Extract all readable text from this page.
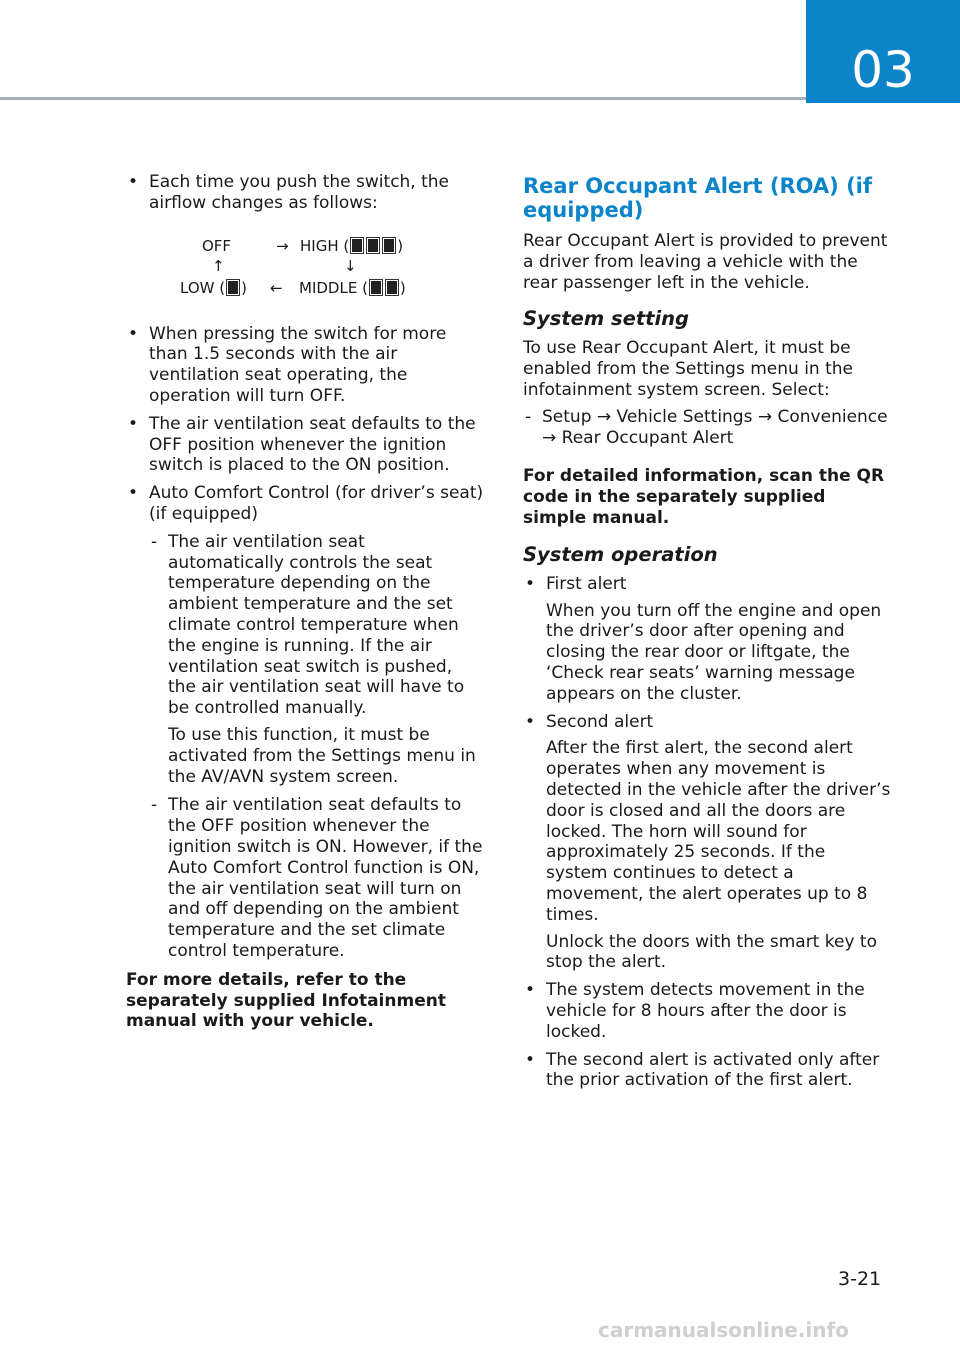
03
• Each time you push the switch, the airflow changes as follows:
OFF	→ HIGH (	)
↑	↓
LOW ( ) ← MIDDLE ( )
• When pressing the switch for more than 1.5 seconds with the air ventilation seat operating, the operation will turn OFF.
• The air ventilation seat defaults to the OFF position whenever the ignition switch is placed to the ON position.
• Auto Comfort Control (for driver’s seat) (if equipped)
- The air ventilation seat automatically controls the seat temperature depending on the ambient temperature and the set climate control temperature when the engine is running. If the air ventilation seat switch is pushed, the air ventilation seat will have to be controlled manually.
To use this function, it must be activated from the Settings menu in the AV/AVN system screen.
- The air ventilation seat defaults to the OFF position whenever the ignition switch is ON. However, if the Auto Comfort Control function is ON, the air ventilation seat will turn on and off depending on the ambient temperature and the set climate control temperature.

For more details, refer to the separately supplied Infotainment manual with your vehicle.

Rear Occupant Alert (ROA) (if equipped)

Rear Occupant Alert is provided to prevent a driver from leaving a vehicle with the rear passenger left in the vehicle.

System setting

To use Rear Occupant Alert, it must be enabled from the Settings menu in the infotainment system screen. Select:

- Setup → Vehicle Settings → Convenience → Rear Occupant Alert

For detailed information, scan the QR code in the separately supplied simple manual.

System operation
• First alert
When you turn off the engine and open the driver’s door after opening and closing the rear door or liftgate, the ‘Check rear seats’ warning message appears on the cluster.
• Second alert
After the first alert, the second alert operates when any movement is detected in the vehicle after the driver’s door is closed and all the doors are locked. The horn will sound for approximately 25 seconds. If the system continues to detect a movement, the alert operates up to 8 times.
Unlock the doors with the smart key to stop the alert.
• The system detects movement in the vehicle for 8 hours after the door is locked.
• The second alert is activated only after the prior activation of the first alert.
3-21
carmanualsonline.info
